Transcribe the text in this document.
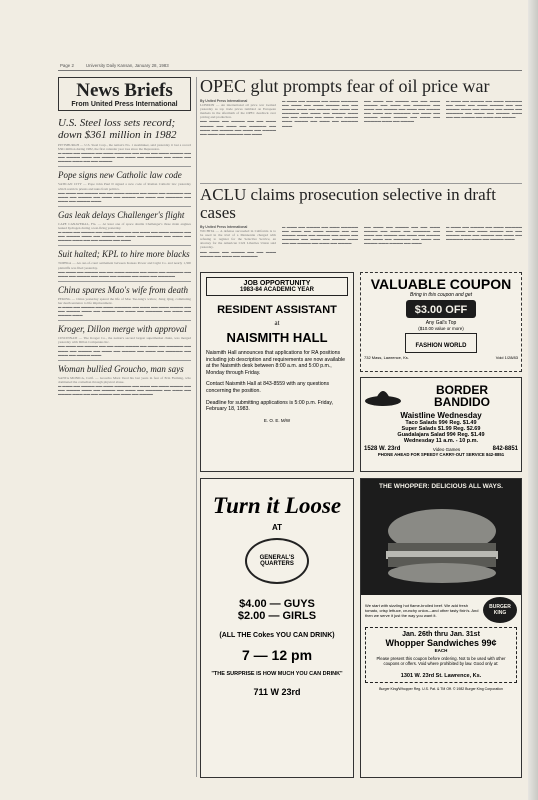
Page 2	University Daily Kansan, January 28, 1983
News Briefs
From United Press International
U.S. Steel loss sets record; down $361 million in 1982

PITTSBURGH — U.S. Steel Corp., the nation's No. 1 steelmaker, said yesterday it lost a record $361 million during 1982, the first calendar year loss since the Depression.

▬ ▬▬▬ ▬▬ ▬▬▬▬ ▬▬ ▬▬▬ ▬▬▬▬▬ ▬▬ ▬▬▬ ▬▬ ▬▬▬ ▬▬▬▬ ▬▬ ▬▬ ▬▬▬▬ ▬▬▬ ▬▬ ▬▬▬▬ ▬▬ ▬▬▬ ▬▬ ▬▬▬▬▬ ▬▬ ▬▬▬ ▬▬ ▬▬▬▬ ▬▬▬ ▬▬ ▬▬ ▬▬▬▬

Pope signs new Catholic law code

VATICAN CITY — Pope John Paul II signed a new code of Roman Catholic law yesterday which restricts priests and nuns from politics.

▬▬ ▬▬▬ ▬▬ ▬▬▬▬ ▬▬ ▬▬ ▬▬▬ ▬▬▬▬ ▬▬ ▬▬▬ ▬▬ ▬▬▬▬▬ ▬▬ ▬▬▬ ▬▬ ▬▬▬▬ ▬▬ ▬▬▬ ▬▬ ▬▬▬▬ ▬▬ ▬▬▬ ▬▬ ▬▬▬▬▬ ▬▬ ▬▬▬ ▬▬ ▬▬▬▬ ▬▬▬

Gas leak delays Challenger's flight

CAPE CANAVERAL, Fla. — At least one of space shuttle Challenger's three main engines leaked hydrogen during a test-firing yesterday.

▬ ▬▬▬ ▬▬ ▬▬▬▬ ▬▬ ▬▬▬ ▬▬▬▬▬ ▬▬ ▬▬▬ ▬▬ ▬▬▬ ▬▬▬▬ ▬▬ ▬▬ ▬▬▬▬ ▬▬▬ ▬▬ ▬▬▬▬ ▬▬ ▬▬▬ ▬▬ ▬▬▬▬▬ ▬▬ ▬▬▬ ▬▬ ▬▬▬▬ ▬▬▬ ▬▬ ▬▬ ▬▬▬▬ ▬▬ ▬▬▬

Suit halted; KPL to hire more blacks

TOPEKA — An out-of-court settlement between Kansas Power and Light Co. and nearly 1,300 plaintiffs was filed yesterday.

▬▬ ▬▬▬ ▬▬ ▬▬▬▬ ▬▬ ▬▬ ▬▬▬ ▬▬▬▬ ▬▬ ▬▬▬ ▬▬ ▬▬▬▬▬ ▬▬ ▬▬▬ ▬▬ ▬▬▬▬ ▬▬ ▬▬▬ ▬▬ ▬▬▬▬ ▬▬ ▬▬▬ ▬▬ ▬▬▬▬▬

China spares Mao's wife from death

PEKING — China yesterday spared the life of Mao Tse-tung's widow, Jiang Qing, commuting her death sentence to life imprisonment.

▬ ▬▬▬ ▬▬ ▬▬▬▬ ▬▬ ▬▬▬ ▬▬▬▬▬ ▬▬ ▬▬▬ ▬▬ ▬▬▬ ▬▬▬▬ ▬▬ ▬▬ ▬▬▬▬ ▬▬▬ ▬▬ ▬▬▬▬ ▬▬ ▬▬▬ ▬▬ ▬▬▬▬▬ ▬▬ ▬▬▬ ▬▬ ▬▬▬▬ ▬▬▬

Kroger, Dillon merge with approval

CINCINNATI — The Kroger Co., the nation's second largest supermarket chain, was merged yesterday with Dillon Companies Inc.

▬▬ ▬▬▬ ▬▬ ▬▬▬▬ ▬▬ ▬▬ ▬▬▬ ▬▬▬▬ ▬▬ ▬▬▬ ▬▬ ▬▬▬▬▬ ▬▬ ▬▬▬ ▬▬ ▬▬▬▬ ▬▬ ▬▬▬ ▬▬ ▬▬▬▬ ▬▬ ▬▬▬ ▬▬ ▬▬▬▬▬ ▬▬ ▬▬▬ ▬▬ ▬▬▬▬ ▬▬▬

Woman bullied Groucho, man says

SANTA MONICA, Calif. — Groucho Marx lived his last years in fear of Erin Fleming, who dominated the comedian through physical abuse.

▬ ▬▬▬ ▬▬ ▬▬▬▬ ▬▬ ▬▬▬ ▬▬▬▬▬ ▬▬ ▬▬▬ ▬▬ ▬▬▬ ▬▬▬▬ ▬▬ ▬▬ ▬▬▬▬ ▬▬▬ ▬▬ ▬▬▬▬ ▬▬ ▬▬▬ ▬▬ ▬▬▬▬▬ ▬▬ ▬▬▬ ▬▬ ▬▬▬▬ ▬▬▬ ▬▬ ▬▬ ▬▬▬▬ ▬▬ ▬▬▬ ▬▬ ▬▬▬▬

OPEC glut prompts fear of oil price war
By United Press International

LONDON — An international oil price war loomed yesterday as top trade prices tumbled on European markets in the aftermath of the OPEC deadlock over pricing and production.

▬▬ ▬▬▬ ▬▬ ▬▬▬▬ ▬▬ ▬▬ ▬▬▬ ▬▬▬▬ ▬▬ ▬▬▬ ▬▬ ▬▬▬▬▬ ▬▬ ▬▬▬ ▬▬ ▬▬▬▬ ▬▬ ▬▬▬ ▬▬ ▬▬▬▬ ▬▬ ▬▬▬ ▬▬ ▬▬▬▬▬ ▬▬ ▬▬▬

▬ ▬▬▬ ▬▬ ▬▬▬▬ ▬▬ ▬▬▬ ▬▬▬▬▬ ▬▬ ▬▬▬ ▬▬ ▬▬▬ ▬▬▬▬ ▬▬ ▬▬ ▬▬▬▬ ▬▬▬ ▬▬ ▬▬▬▬ ▬▬ ▬▬▬ ▬▬ ▬▬▬▬▬ ▬▬ ▬▬▬ ▬▬ ▬▬▬▬ ▬▬▬ ▬▬ ▬▬ ▬▬▬▬ ▬▬ ▬▬▬ ▬▬ ▬▬▬▬ ▬▬▬ ▬▬▬▬ ▬▬ ▬▬▬ ▬▬ ▬▬▬▬▬ ▬▬▬

▬▬ ▬▬▬ ▬▬ ▬▬▬▬ ▬▬ ▬▬ ▬▬▬ ▬▬▬▬ ▬▬ ▬▬▬ ▬▬ ▬▬▬▬▬ ▬▬ ▬▬▬ ▬▬ ▬▬▬▬ ▬▬ ▬▬▬ ▬▬ ▬▬▬▬ ▬▬ ▬▬▬ ▬▬ ▬▬▬▬▬ ▬▬ ▬▬▬ ▬▬ ▬▬▬▬ ▬▬▬ ▬▬▬▬ ▬▬ ▬▬▬ ▬▬ ▬▬▬▬▬ ▬▬▬ ▬▬ ▬▬▬▬

▬ ▬▬▬ ▬▬ ▬▬▬▬ ▬▬ ▬▬▬ ▬▬▬▬▬ ▬▬ ▬▬▬ ▬▬ ▬▬▬ ▬▬▬▬ ▬▬ ▬▬ ▬▬▬▬ ▬▬▬ ▬▬ ▬▬▬▬ ▬▬ ▬▬▬ ▬▬ ▬▬▬▬▬ ▬▬ ▬▬▬ ▬▬ ▬▬▬▬ ▬▬▬ ▬▬ ▬▬ ▬▬▬▬ ▬▬ ▬▬▬ ▬▬ ▬▬▬▬

ACLU claims prosecution selective in draft cases
By United Press International

WICHITA — A defense succeeded in California is to be used in the trial of a Mennonite charged with refusing to register for the Selective Service, an attorney for the American Civil Liberties Union said yesterday.

▬▬ ▬▬▬ ▬▬ ▬▬▬▬ ▬▬ ▬▬ ▬▬▬ ▬▬▬▬ ▬▬ ▬▬▬ ▬▬ ▬▬▬▬▬

▬ ▬▬▬ ▬▬ ▬▬▬▬ ▬▬ ▬▬▬ ▬▬▬▬▬ ▬▬ ▬▬▬ ▬▬ ▬▬▬ ▬▬▬▬ ▬▬ ▬▬ ▬▬▬▬ ▬▬▬ ▬▬ ▬▬▬▬ ▬▬ ▬▬▬ ▬▬ ▬▬▬▬▬ ▬▬ ▬▬▬ ▬▬ ▬▬▬▬ ▬▬▬ ▬▬ ▬▬ ▬▬▬▬ ▬▬ ▬▬▬ ▬▬ ▬▬▬▬

▬▬ ▬▬▬ ▬▬ ▬▬▬▬ ▬▬ ▬▬ ▬▬▬ ▬▬▬▬ ▬▬ ▬▬▬ ▬▬ ▬▬▬▬▬ ▬▬ ▬▬▬ ▬▬ ▬▬▬▬ ▬▬ ▬▬▬ ▬▬ ▬▬▬▬ ▬▬ ▬▬▬ ▬▬ ▬▬▬▬▬ ▬▬ ▬▬▬ ▬▬ ▬▬▬▬ ▬▬▬ ▬▬▬▬ ▬▬ ▬▬▬

▬ ▬▬▬ ▬▬ ▬▬▬▬ ▬▬ ▬▬▬ ▬▬▬▬▬ ▬▬ ▬▬▬ ▬▬ ▬▬▬ ▬▬▬▬ ▬▬ ▬▬ ▬▬▬▬ ▬▬▬ ▬▬ ▬▬▬▬ ▬▬ ▬▬▬ ▬▬ ▬▬▬▬▬ ▬▬ ▬▬▬ ▬▬ ▬▬▬▬ ▬▬▬

JOB OPPORTUNITY
1983-84 ACADEMIC YEAR
RESIDENT ASSISTANT
at
NAISMITH HALL
Naismith Hall announces that applications for RA positions including job description and requirements are now available at the Naismith desk between 8:00 a.m. and 5:00 p.m., Monday through Friday.
Contact Naismith Hall at 843-8559 with any questions concerning the position.
Deadline for submitting applications is 5:00 p.m. Friday, February 18, 1983.
E. O. E. M/W
VALUABLE COUPON
Bring in this coupon and get
$3.00 OFF
Any Gal's Top
($10.00 value or more)
FASHION WORLD
732 Mass, Lawrence, Ks.	Void 1/28/83
BORDER
BANDIDO
Waistline Wednesday
Taco Salads 99¢ Reg. $1.49
Super Salads $1.99 Reg. $2.69
Guadalajara Salad 99¢ Reg. $1.49
Wednesday 11 a.m. - 10 p.m.
1528 W. 23rd	Video Games	842-8851
PHONE AHEAD FOR SPEEDY CARRY-OUT SERVICE 842-8851
Turn it Loose
AT
GENERAL'S
QUARTERS
$4.00 — GUYS
$2.00 — GIRLS
(ALL THE Cokes YOU CAN DRINK)
7 — 12 pm
"THE SURPRISE IS HOW MUCH YOU CAN DRINK"
711 W 23rd
THE WHOPPER: DELICIOUS ALL WAYS.
We start with sizzling hot flame-broiled beef. We add fresh tomato, crisp lettuce, crunchy onion—and other tasty fixin's. And then we serve it just the way you want it.
BURGER KING
Jan. 26th thru Jan. 31st
Whopper Sandwiches 99¢
EACH
Please present this coupon before ordering. Not to be used with other coupons or offers. Void where prohibited by law. Good only at:
1301 W. 23rd St. Lawrence, Ks.
Burger King/Whopper Reg. U.S. Pat. & TM Off. © 1982 Burger King Corporation
